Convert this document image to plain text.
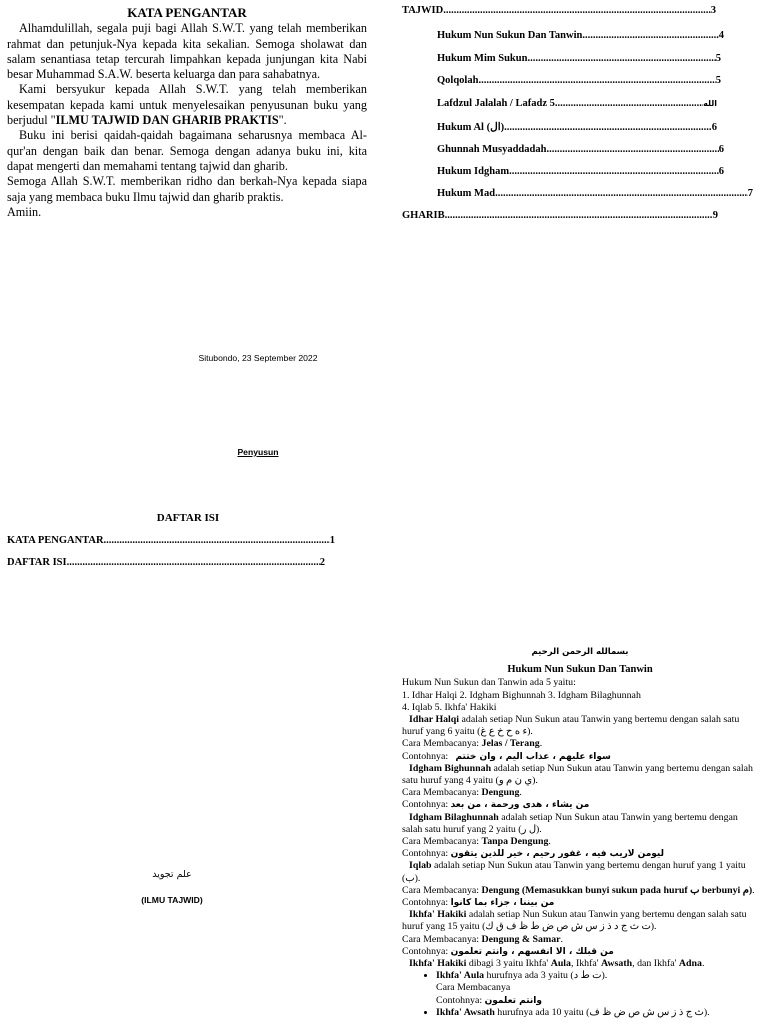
KATA PENGANTAR

Alhamdulillah, segala puji bagi Allah S.W.T. yang telah memberikan rahmat dan petunjuk-Nya kepada kita sekalian. Semoga sholawat dan salam senantiasa tetap tercurah limpahkan kepada junjungan kita Nabi besar Muhammad S.A.W. beserta keluarga dan para sahabatnya.

Kami bersyukur kepada Allah S.W.T. yang telah memberikan kesempatan kepada kami untuk menyelesaikan penyusunan buku yang berjudul "ILMU TAJWID DAN GHARIB PRAKTIS".

Buku ini berisi qaidah-qaidah bagaimana seharusnya membaca Al-qur'an dengan baik dan benar. Semoga dengan adanya buku ini, kita dapat mengerti dan memahami tentang tajwid dan gharib.

Semoga Allah S.W.T. memberikan ridho dan berkah-Nya kepada siapa saja yang membaca buku Ilmu tajwid dan gharib praktis.

Amiin.

Situbondo, 23 September 2022
Penyusun
DAFTAR ISI
KATA PENGANTAR .....	1
DAFTAR ISI .....	2
TAJWID .....	3
Hukum Nun Sukun Dan Tanwin .....	4
Hukum Mim Sukun .....	5
Qolqolah .....	5
Lafdzul Jalalah / Lafadz 5 .....	الله
Hukum Al (ال) .....	6
Ghunnah Musyaddadah .....	6
Hukum Idgham .....	6
Hukum Mad .....	7
GHARIB .....	9
علم تجويد
(ILMU TAJWID)
بسمالله الرحمن الرحيم
Hukum Nun Sukun Dan Tanwin

Hukum Nun Sukun dan Tanwin ada 5 yaitu:

1. Idhar Halqi 2. Idgham Bighunnah 3. Idgham Bilaghunnah

4. Iqlab 5. Ikhfa' Hakiki

Idhar Halqi adalah setiap Nun Sukun atau Tanwin yang bertemu dengan salah satu huruf yang 6 yaitu (ء ه ح خ ع غ).

Cara Membacanya: Jelas / Terang.

Contohnya:   سواء عليهم ، عذاب اليم ، وان ختتم

Idgham Bighunnah adalah setiap Nun Sukun atau Tanwin yang bertemu dengan salah satu huruf yang 4 yaitu (ي ن م و).

Cara Membacanya: Dengung.

Contohnya: من يشاء ، هدى ورحمة ، من بعد

Idgham Bilaghunnah adalah setiap Nun Sukun atau Tanwin yang bertemu dengan salah satu huruf yang 2 yaitu (ل ر).

Cara Membacanya: Tanpa Dengung.

Contohnya: ليومن لاريب فيه ، غفور رحيم ، خير للذين يتقون

Iqlab adalah setiap Nun Sukun atau Tanwin yang bertemu dengan huruf yang 1 yaitu (ب).

Cara Membacanya: Dengung (Memasukkan bunyi sukun pada huruf ب berbunyi م).

Contohnya: من بيننا ، جزاء بما كانوا

Ikhfa' Hakiki adalah setiap Nun Sukun atau Tanwin yang bertemu dengan salah satu huruf yang 15 yaitu (ت ث ج د ذ ز س ش ص ض ط ظ ف ق ك).

Cara Membacanya: Dengung & Samar.

Contohnya: من قبلك ، الا انفسهم ، وانتم تعلمون

Ikhfa' Hakiki dibagi 3 yaitu Ikhfa' Aula, Ikhfa' Awsath, dan Ikhfa' Adna.

• Ikhfa' Aula hurufnya ada 3 yaitu (ت ط د).

Cara Membacanya

Contohnya: وانتم تعلمون

• Ikhfa' Awsath hurufnya ada 10 yaitu (ث ج ذ ز س ش ص ض ظ ف).
